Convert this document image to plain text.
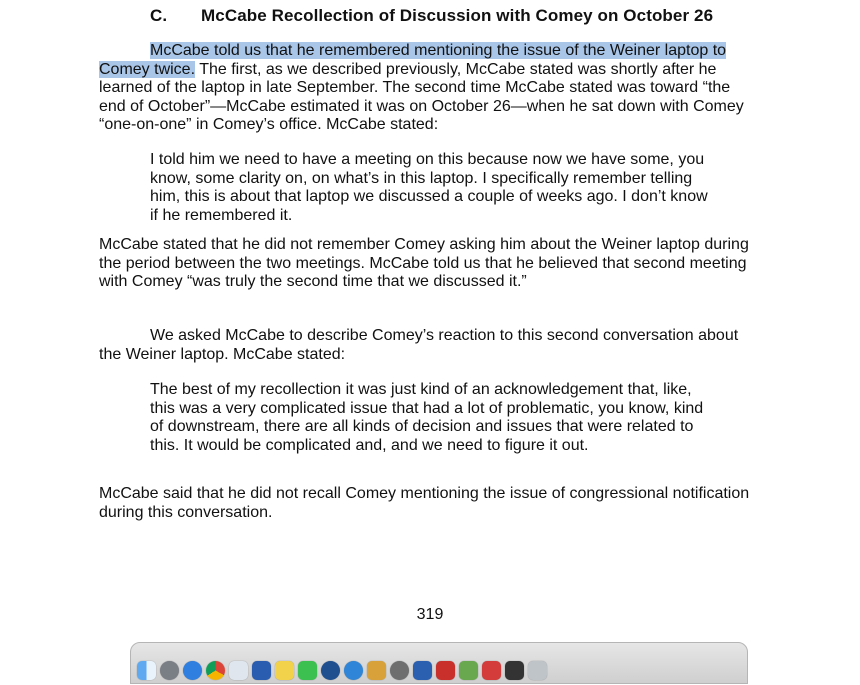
C. McCabe Recollection of Discussion with Comey on October 26

McCabe told us that he remembered mentioning the issue of the Weiner laptop to Comey twice. The first, as we described previously, McCabe stated was shortly after he learned of the laptop in late September. The second time McCabe stated was toward “the end of October”—McCabe estimated it was on October 26—when he sat down with Comey “one-on-one” in Comey’s office. McCabe stated:

I told him we need to have a meeting on this because now we have some, you know, some clarity on, on what’s in this laptop. I specifically remember telling him, this is about that laptop we discussed a couple of weeks ago. I don’t know if he remembered it.

McCabe stated that he did not remember Comey asking him about the Weiner laptop during the period between the two meetings. McCabe told us that he believed that second meeting with Comey “was truly the second time that we discussed it.”

We asked McCabe to describe Comey’s reaction to this second conversation about the Weiner laptop. McCabe stated:

The best of my recollection it was just kind of an acknowledgement that, like, this was a very complicated issue that had a lot of problematic, you know, kind of downstream, there are all kinds of decision and issues that were related to this. It would be complicated and, and we need to figure it out.

McCabe said that he did not recall Comey mentioning the issue of congressional notification during this conversation.

319
